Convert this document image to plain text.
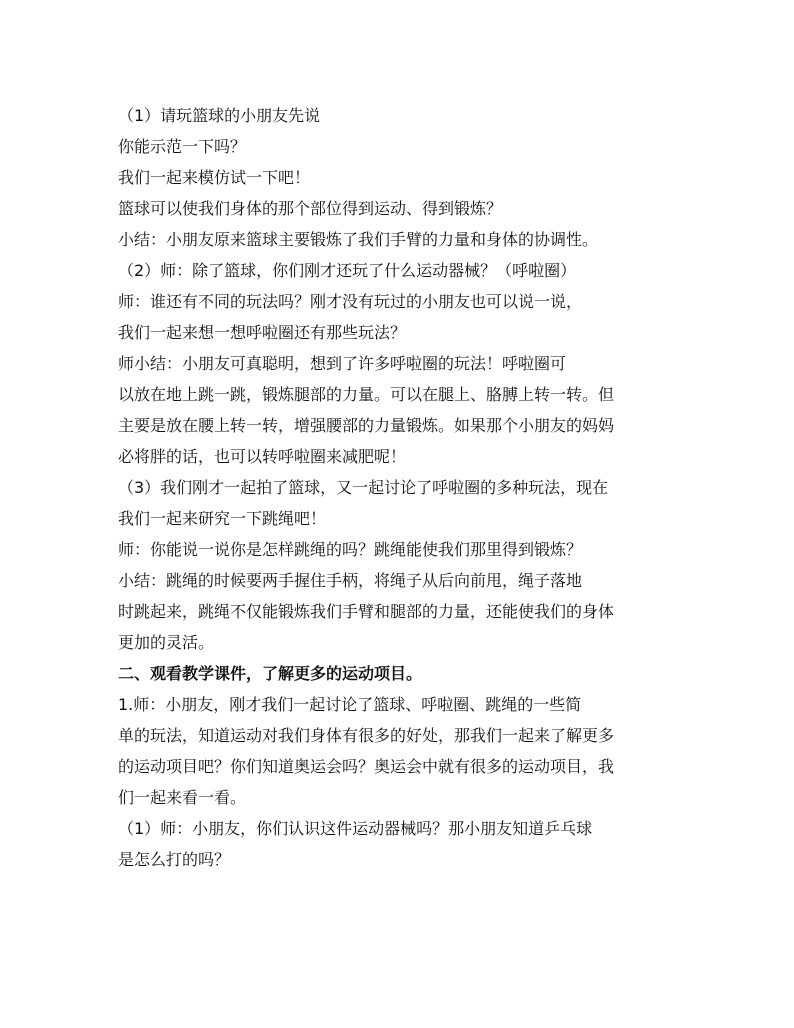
（1）请玩篮球的小朋友先说
你能示范一下吗？
我们一起来模仿试一下吧！
篮球可以使我们身体的那个部位得到运动、得到锻炼？
小结：小朋友原来篮球主要锻炼了我们手臂的力量和身体的协调性。
（2）师：除了篮球，你们刚才还玩了什么运动器械？（呼啦圈）
师：谁还有不同的玩法吗？刚才没有玩过的小朋友也可以说一说，
我们一起来想一想呼啦圈还有那些玩法？
师小结：小朋友可真聪明，想到了许多呼啦圈的玩法！呼啦圈可
以放在地上跳一跳，锻炼腿部的力量。可以在腿上、胳膊上转一转。但
主要是放在腰上转一转，增强腰部的力量锻炼。如果那个小朋友的妈妈
必将胖的话，也可以转呼啦圈来减肥呢！
（3）我们刚才一起拍了篮球，又一起讨论了呼啦圈的多种玩法，现在
我们一起来研究一下跳绳吧！
师：你能说一说你是怎样跳绳的吗？跳绳能使我们那里得到锻炼？
小结：跳绳的时候要两手握住手柄，将绳子从后向前甩，绳子落地
时跳起来，跳绳不仅能锻炼我们手臂和腿部的力量，还能使我们的身体
更加的灵活。
二、观看教学课件，了解更多的运动项目。
1.师：小朋友，刚才我们一起讨论了篮球、呼啦圈、跳绳的一些简
单的玩法，知道运动对我们身体有很多的好处，那我们一起来了解更多
的运动项目吧？你们知道奥运会吗？奥运会中就有很多的运动项目，我
们一起来看一看。
（1）师：小朋友，你们认识这件运动器械吗？那小朋友知道乒乓球
是怎么打的吗？
